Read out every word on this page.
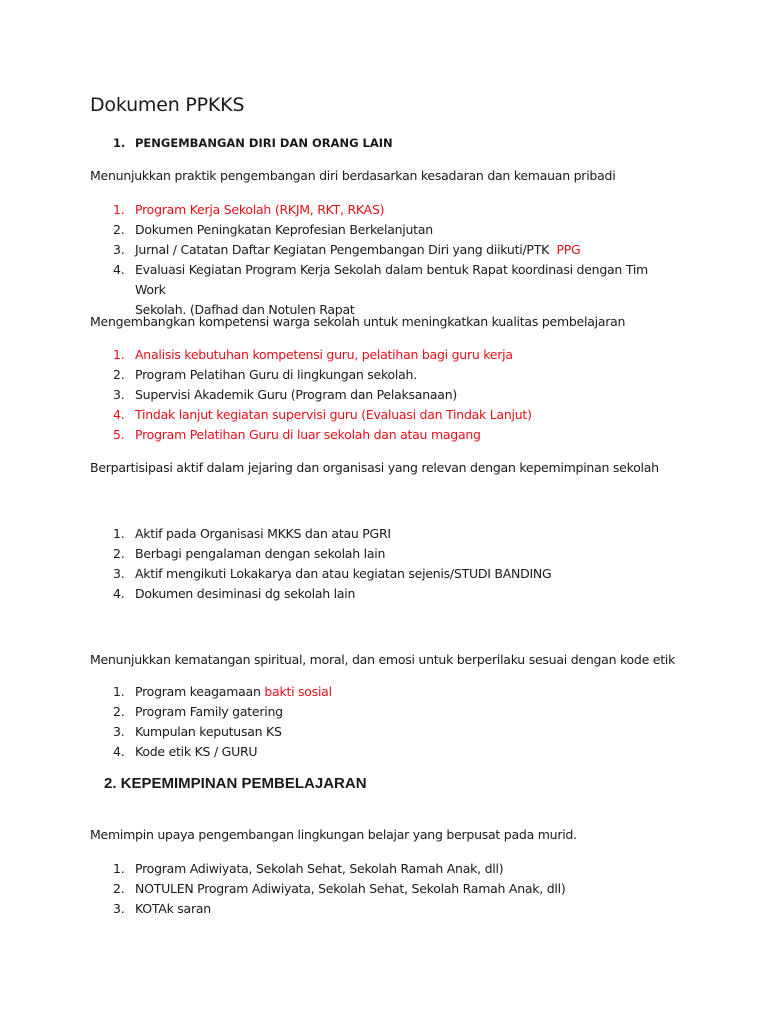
Dokumen PPKKS
1. PENGEMBANGAN DIRI DAN ORANG LAIN

Menunjukkan praktik pengembangan diri berdasarkan kesadaran dan kemauan pribadi

1. Program Kerja Sekolah (RKJM, RKT, RKAS)
2. Dokumen Peningkatan Keprofesian Berkelanjutan
3. Jurnal / Catatan Daftar Kegiatan Pengembangan Diri yang diikuti/PTK PPG
4. Evaluasi Kegiatan Program Kerja Sekolah dalam bentuk Rapat koordinasi dengan Tim Work
Sekolah. (Dafhad dan Notulen Rapat

Mengembangkan kompetensi warga sekolah untuk meningkatkan kualitas pembelajaran

1. Analisis kebutuhan kompetensi guru, pelatihan bagi guru kerja
2. Program Pelatihan Guru di lingkungan sekolah.
3. Supervisi Akademik Guru (Program dan Pelaksanaan)
4. Tindak lanjut kegiatan supervisi guru (Evaluasi dan Tindak Lanjut)
5. Program Pelatihan Guru di luar sekolah dan atau magang

Berpartisipasi aktif dalam jejaring dan organisasi yang relevan dengan kepemimpinan sekolah

1. Aktif pada Organisasi MKKS dan atau PGRI
2. Berbagi pengalaman dengan sekolah lain
3. Aktif mengikuti Lokakarya dan atau kegiatan sejenis/STUDI BANDING
4. Dokumen desiminasi dg sekolah lain

Menunjukkan kematangan spiritual, moral, dan emosi untuk berperilaku sesuai dengan kode etik

1. Program keagamaan bakti sosial
2. Program Family gatering
3. Kumpulan keputusan KS
4. Kode etik KS / GURU
2. KEPEMIMPINAN PEMBELAJARAN

Memimpin upaya pengembangan lingkungan belajar yang berpusat pada murid.

1. Program Adiwiyata, Sekolah Sehat, Sekolah Ramah Anak, dll)
2. NOTULEN Program Adiwiyata, Sekolah Sehat, Sekolah Ramah Anak, dll)
3. KOTAk saran
